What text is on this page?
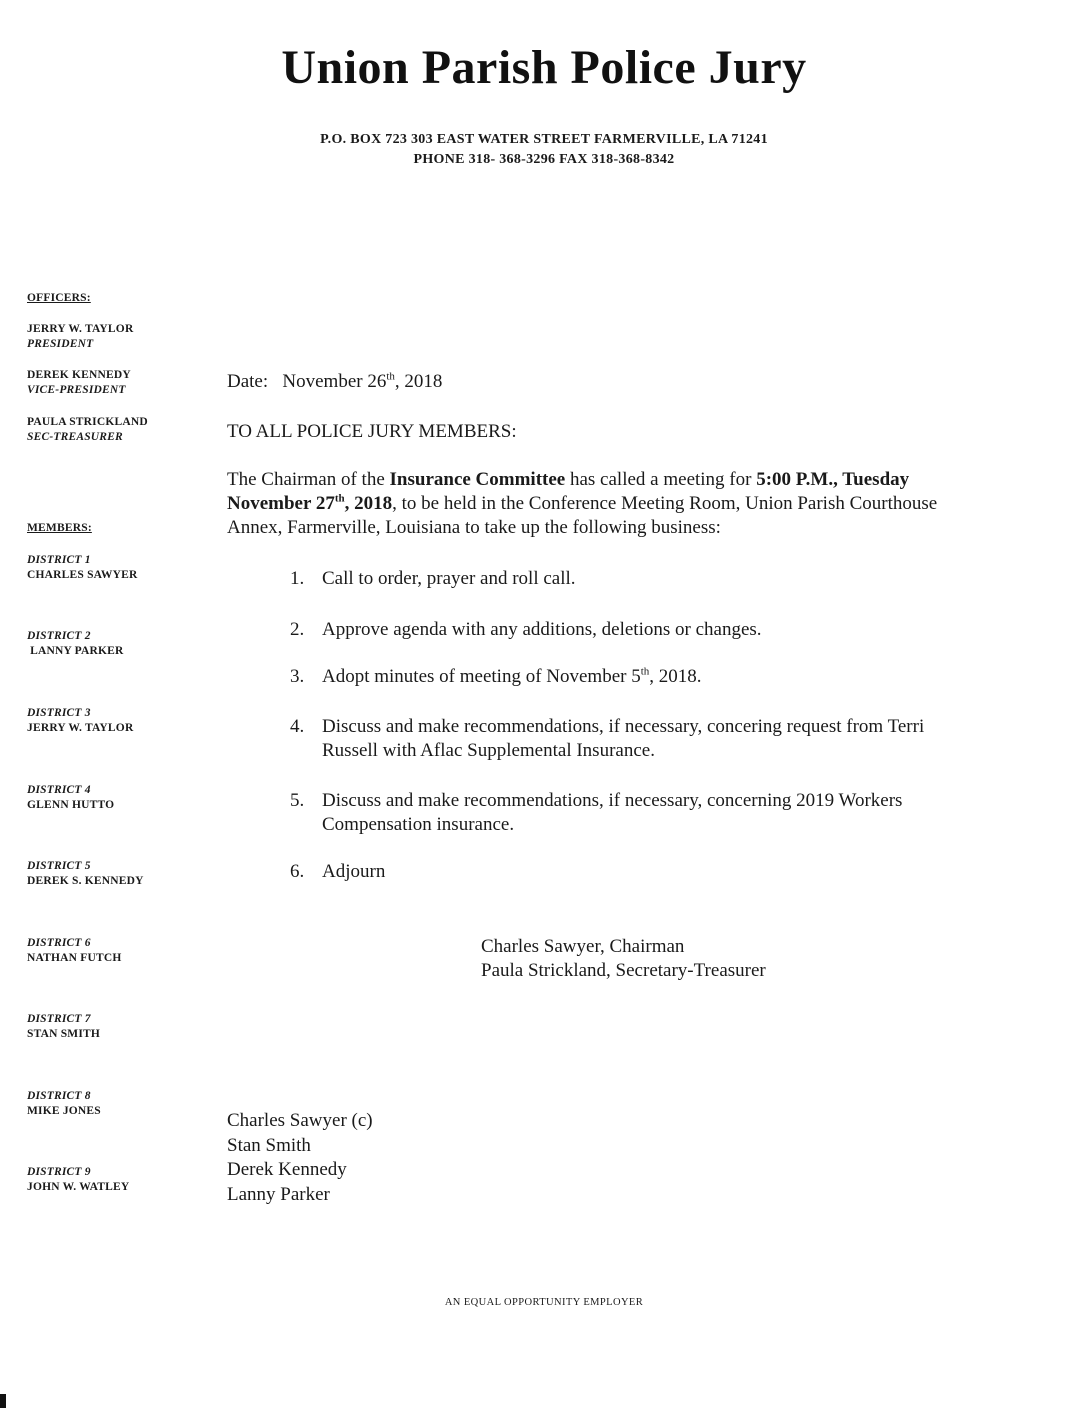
Union Parish Police Jury
P.O. BOX 723 303 EAST WATER STREET FARMERVILLE, LA 71241
PHONE 318- 368-3296 FAX 318-368-8342
OFFICERS:
JERRY W. TAYLOR
PRESIDENT
DEREK KENNEDY
VICE-PRESIDENT
PAULA STRICKLAND
SEC-TREASURER
MEMBERS:
DISTRICT 1
CHARLES SAWYER
DISTRICT 2
LANNY PARKER
DISTRICT 3
JERRY W. TAYLOR
DISTRICT 4
GLENN HUTTO
DISTRICT 5
DEREK S. KENNEDY
DISTRICT 6
NATHAN FUTCH
DISTRICT 7
STAN SMITH
DISTRICT 8
MIKE JONES
DISTRICT 9
JOHN W. WATLEY
Date: November 26th, 2018
TO ALL POLICE JURY MEMBERS:
The Chairman of the Insurance Committee has called a meeting for 5:00 P.M., Tuesday November 27th, 2018, to be held in the Conference Meeting Room, Union Parish Courthouse Annex, Farmerville, Louisiana to take up the following business:
1. Call to order, prayer and roll call.
2. Approve agenda with any additions, deletions or changes.
3. Adopt minutes of meeting of November 5th, 2018.
4. Discuss and make recommendations, if necessary, concering request from Terri Russell with Aflac Supplemental Insurance.
5. Discuss and make recommendations, if necessary, concerning 2019 Workers Compensation insurance.
6. Adjourn
Charles Sawyer, Chairman
Paula Strickland, Secretary-Treasurer
Charles Sawyer (c)
Stan Smith
Derek Kennedy
Lanny Parker
AN EQUAL OPPORTUNITY EMPLOYER
